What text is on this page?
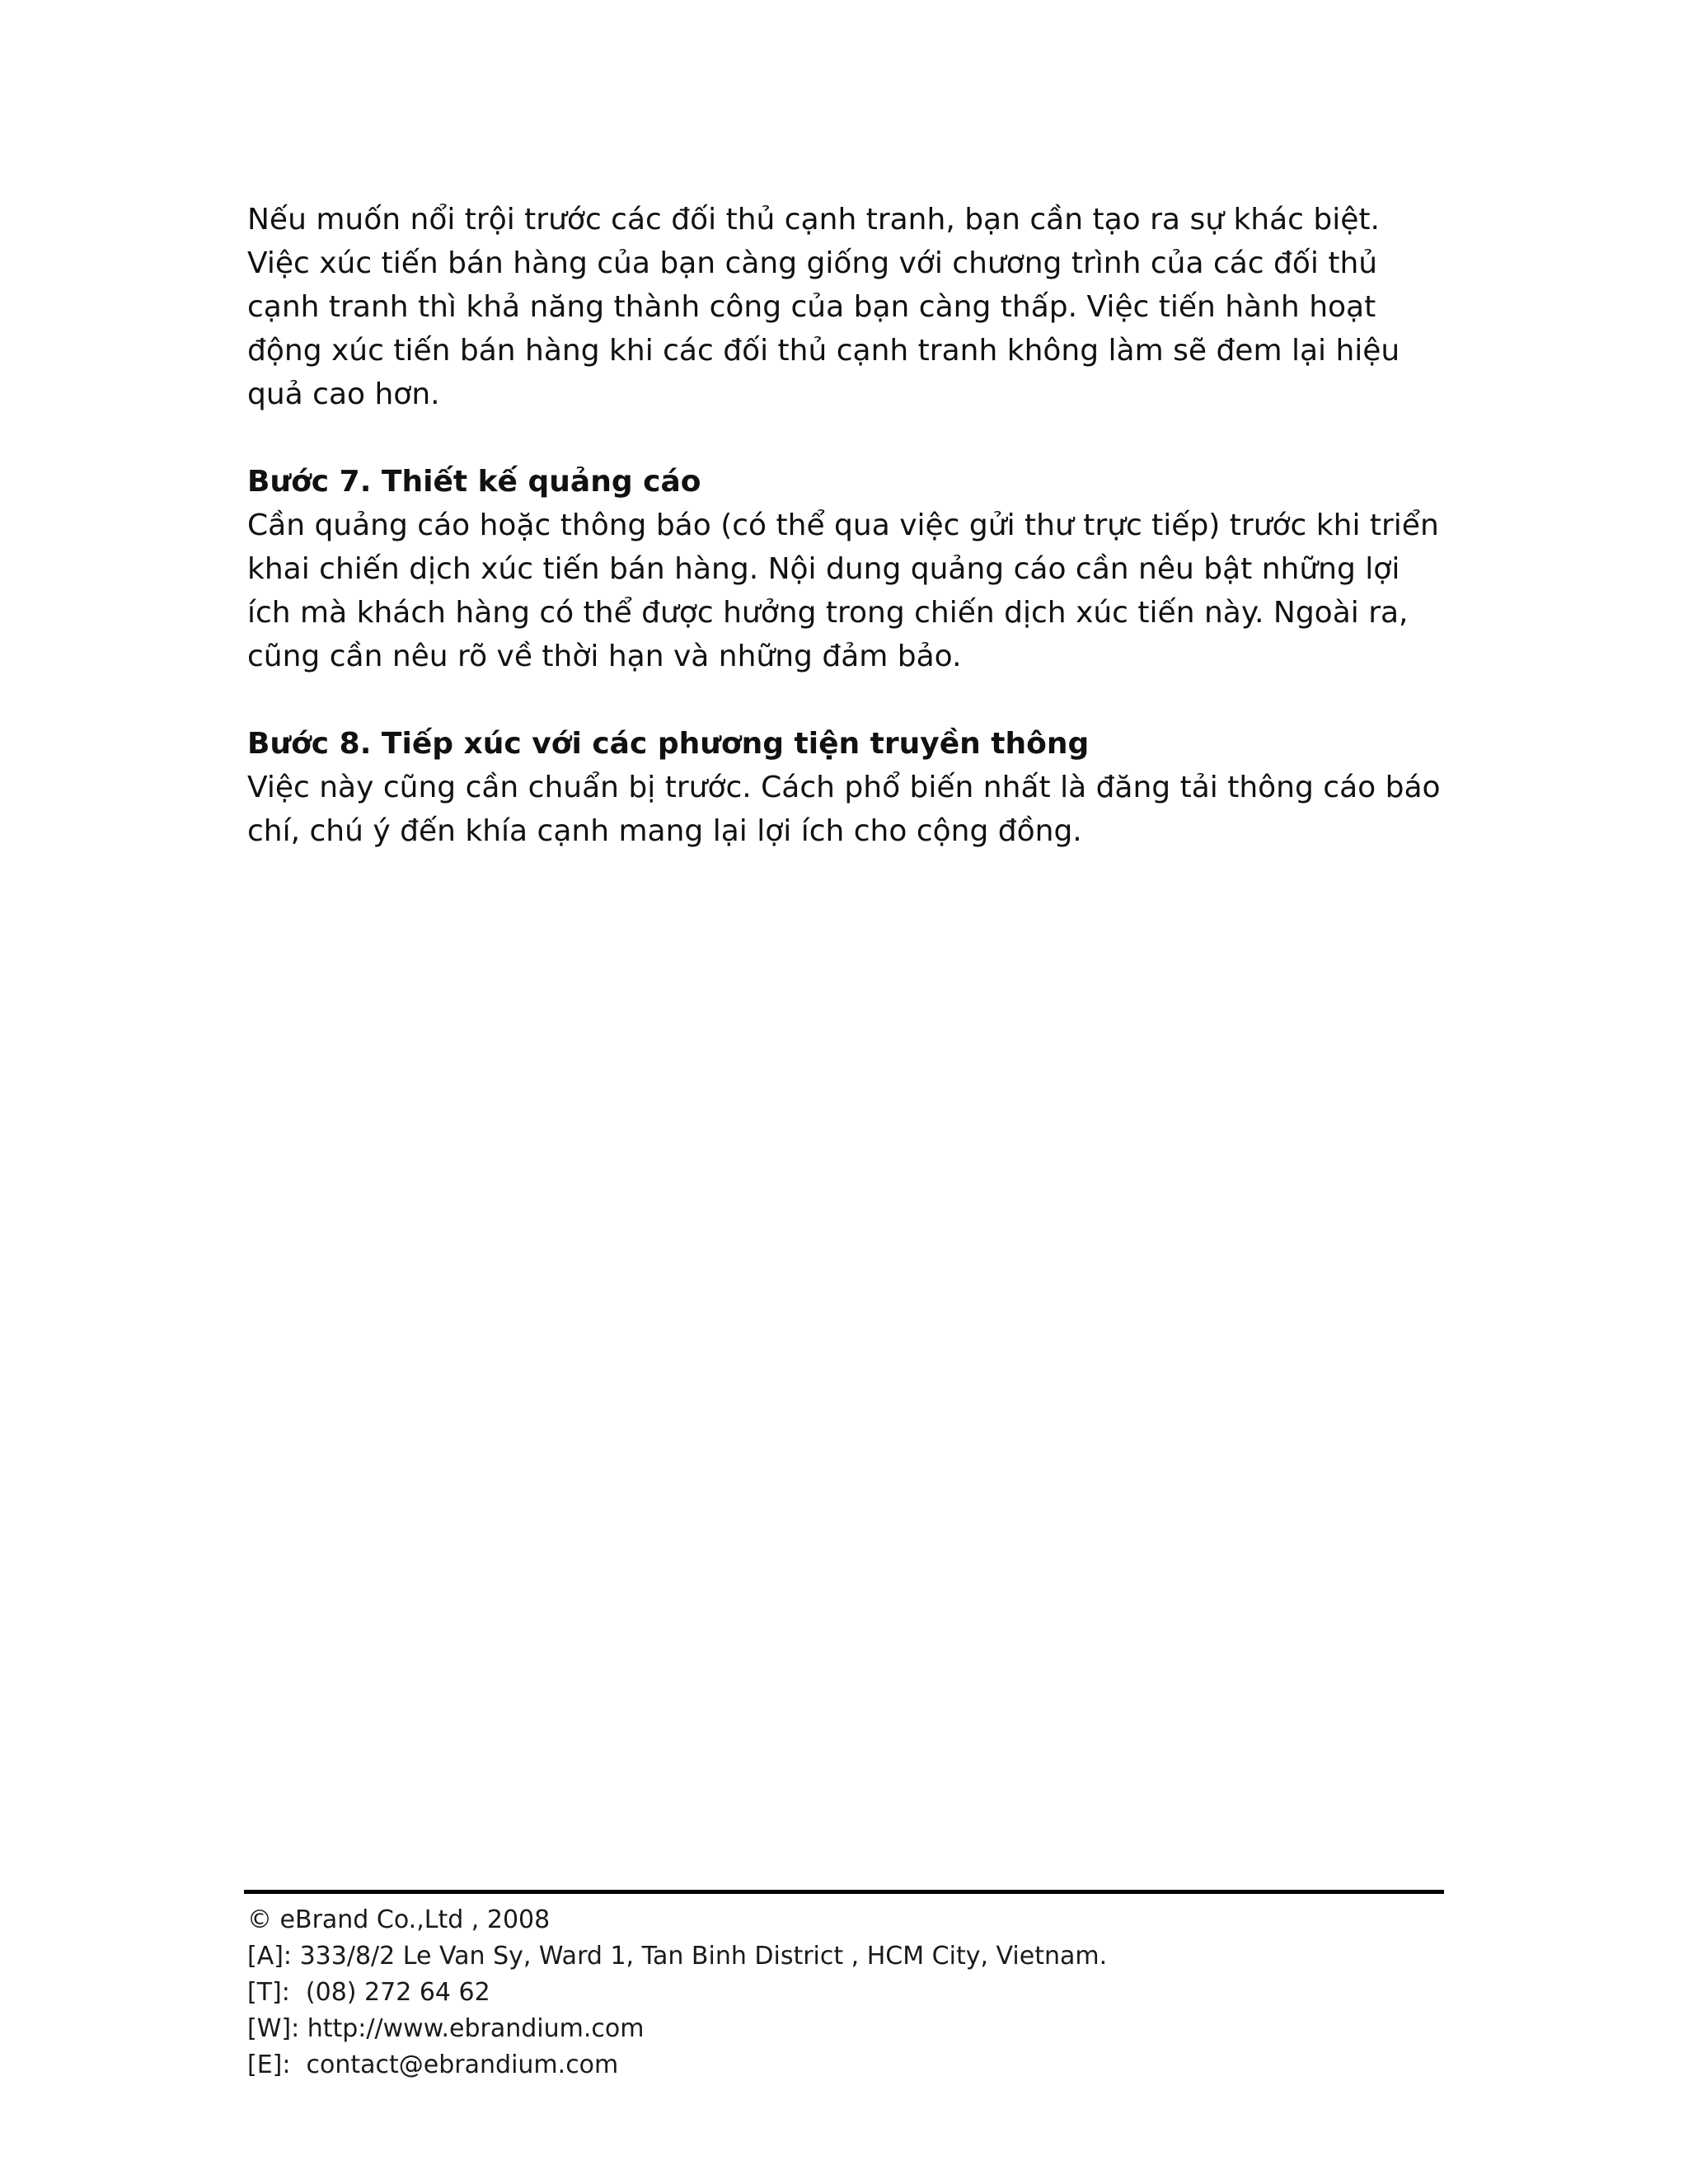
Nếu muốn nổi trội trước các đối thủ cạnh tranh, bạn cần tạo ra sự khác biệt. Việc xúc tiến bán hàng của bạn càng giống với chương trình của các đối thủ cạnh tranh thì khả năng thành công của bạn càng thấp. Việc tiến hành hoạt động xúc tiến bán hàng khi các đối thủ cạnh tranh không làm sẽ đem lại hiệu quả cao hơn.

Bước 7. Thiết kế quảng cáo

Cần quảng cáo hoặc thông báo (có thể qua việc gửi thư trực tiếp) trước khi triển khai chiến dịch xúc tiến bán hàng. Nội dung quảng cáo cần nêu bật những lợi ích mà khách hàng có thể được hưởng trong chiến dịch xúc tiến này. Ngoài ra, cũng cần nêu rõ về thời hạn và những đảm bảo.

Bước 8. Tiếp xúc với các phương tiện truyền thông

Việc này cũng cần chuẩn bị trước. Cách phổ biến nhất là đăng tải thông cáo báo chí, chú ý đến khía cạnh mang lại lợi ích cho cộng đồng.

© eBrand Co.,Ltd , 2008
[A]: 333/8/2 Le Van Sy, Ward 1, Tan Binh District , HCM City, Vietnam.
[T]:  (08) 272 64 62
[W]: http://www.ebrandium.com
[E]:  contact@ebrandium.com
